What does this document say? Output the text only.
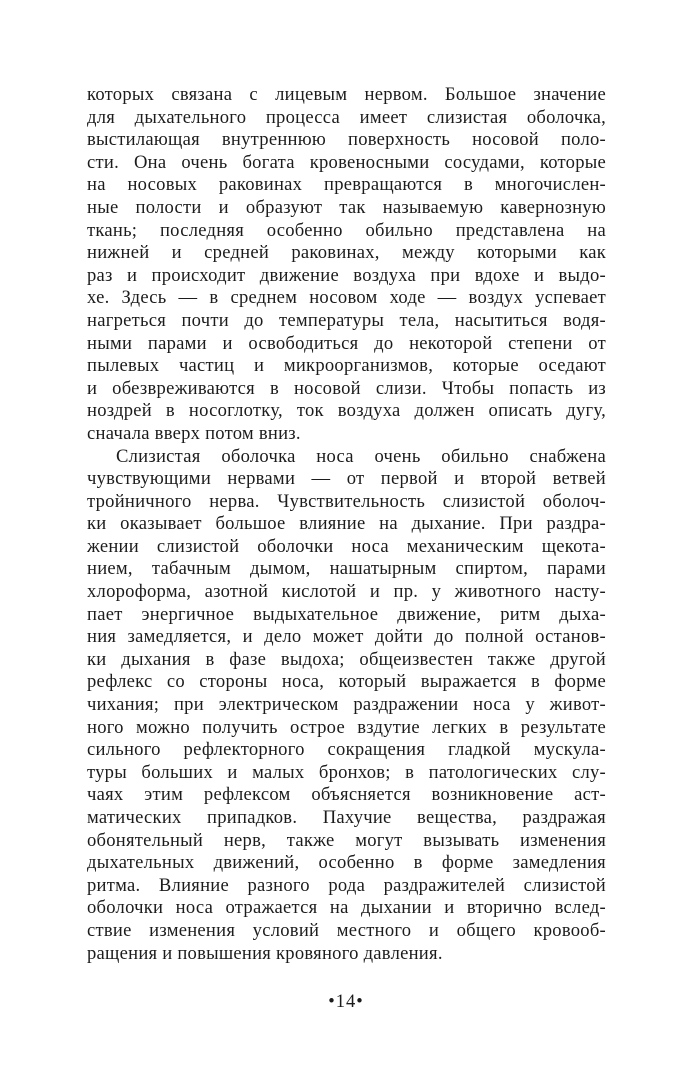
которых связана с лицевым нервом. Большое значение
для дыхательного процесса имеет слизистая оболочка,
выстилающая внутреннюю поверхность носовой поло-
сти. Она очень богата кровеносными сосудами, которые
на носовых раковинах превращаются в многочислен-
ные полости и образуют так называемую кавернозную
ткань; последняя особенно обильно представлена на
нижней и средней раковинах, между которыми как
раз и происходит движение воздуха при вдохе и выдо-
хе. Здесь — в среднем носовом ходе — воздух успевает
нагреться почти до температуры тела, насытиться водя-
ными парами и освободиться до некоторой степени от
пылевых частиц и микроорганизмов, которые оседают
и обезвреживаются в носовой слизи. Чтобы попасть из
ноздрей в носоглотку, ток воздуха должен описать дугу,
сначала вверх потом вниз.
Слизистая оболочка носа очень обильно снабжена
чувствующими нервами — от первой и второй ветвей
тройничного нерва. Чувствительность слизистой оболоч-
ки оказывает большое влияние на дыхание. При раздра-
жении слизистой оболочки носа механическим щекота-
нием, табачным дымом, нашатырным спиртом, парами
хлороформа, азотной кислотой и пр. у животного насту-
пает энергичное выдыхательное движение, ритм дыха-
ния замедляется, и дело может дойти до полной останов-
ки дыхания в фазе выдоха; общеизвестен также другой
рефлекс со стороны носа, который выражается в форме
чихания; при электрическом раздражении носа у живот-
ного можно получить острое вздутие легких в результате
сильного рефлекторного сокращения гладкой мускула-
туры больших и малых бронхов; в патологических слу-
чаях этим рефлексом объясняется возникновение аст-
матических припадков. Пахучие вещества, раздражая
обонятельный нерв, также могут вызывать изменения
дыхательных движений, особенно в форме замедления
ритма. Влияние разного рода раздражителей слизистой
оболочки носа отражается на дыхании и вторично вслед-
ствие изменения условий местного и общего кровооб-
ращения и повышения кровяного давления.
•14•
